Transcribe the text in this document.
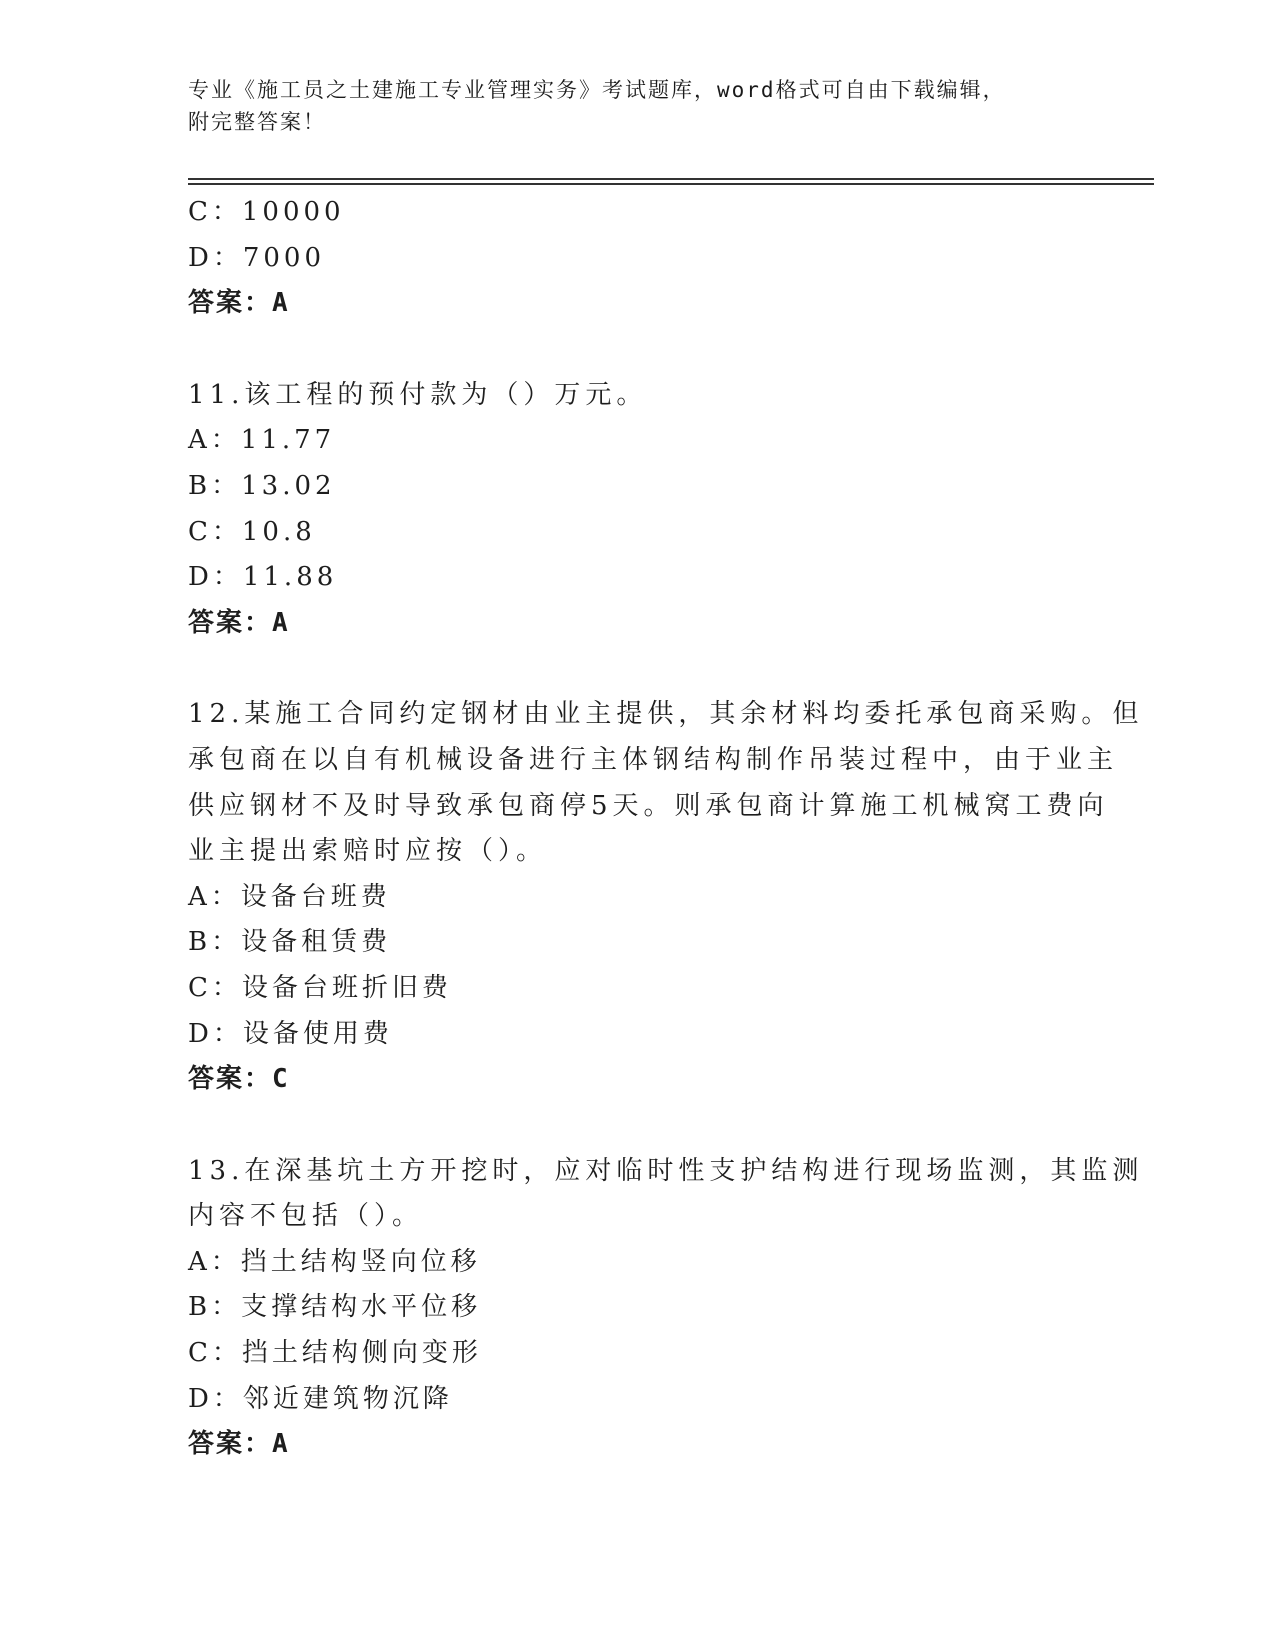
专业《施工员之土建施工专业管理实务》考试题库，word格式可自由下载编辑，
附完整答案！
C：10000
D：7000
答案：A
11.该工程的预付款为（）万元。
A：11.77
B：13.02
C：10.8
D：11.88
答案：A
12.某施工合同约定钢材由业主提供，其余材料均委托承包商采购。但
承包商在以自有机械设备进行主体钢结构制作吊装过程中，由于业主
供应钢材不及时导致承包商停5天。则承包商计算施工机械窝工费向
业主提出索赔时应按（）。
A：设备台班费
B：设备租赁费
C：设备台班折旧费
D：设备使用费
答案：C
13.在深基坑土方开挖时，应对临时性支护结构进行现场监测，其监测
内容不包括（）。
A：挡土结构竖向位移
B：支撑结构水平位移
C：挡土结构侧向变形
D：邻近建筑物沉降
答案：A
